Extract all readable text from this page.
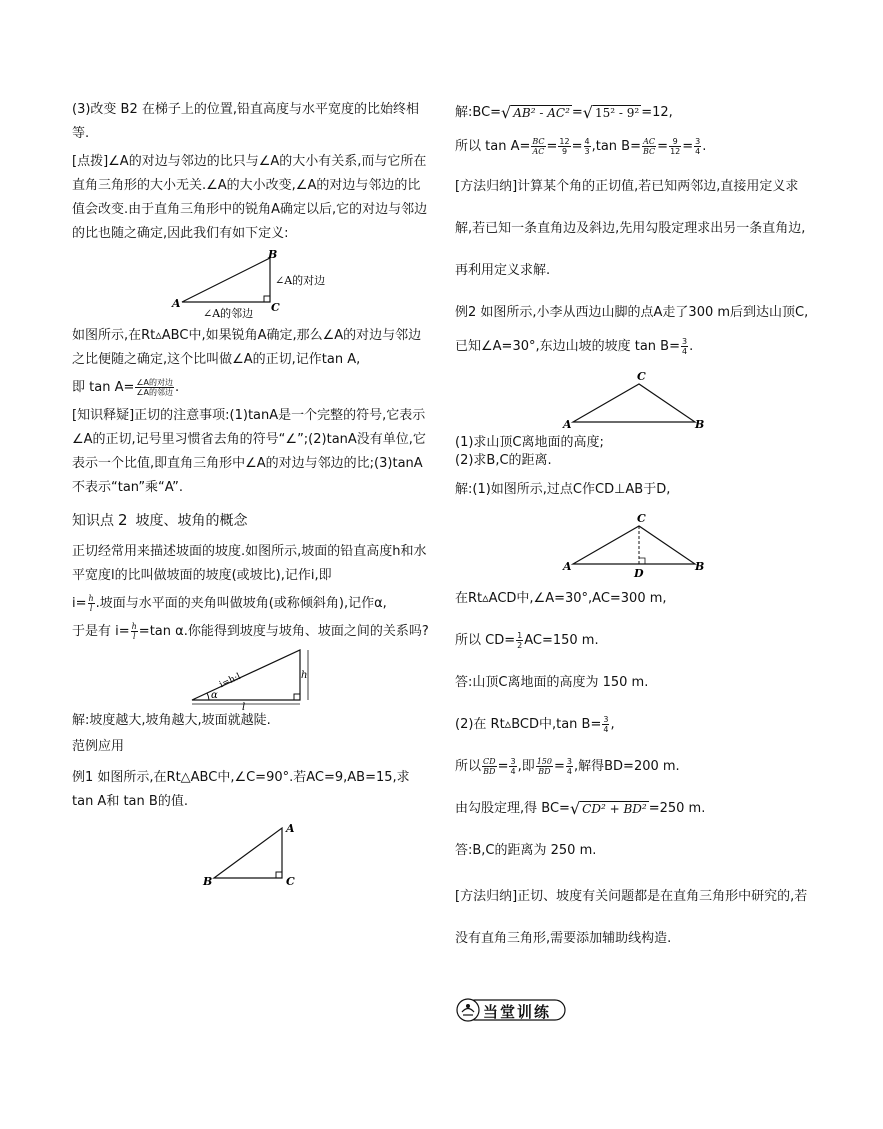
(3)改变 B2 在梯子上的位置,铅直高度与水平宽度的比始终相等.

[点拨]∠A的对边与邻边的比只与∠A的大小有关系,而与它所在直角三角形的大小无关.∠A的大小改变,∠A的对边与邻边的比值会改变.由于直角三角形中的锐角A确定以后,它的对边与邻边的比也随之确定,因此我们有如下定义:

B
A	C
∠A的对边
∠A的邻边

如图所示,在Rt▵ABC中,如果锐角A确定,那么∠A的对边与邻边之比便随之确定,这个比叫做∠A的正切,记作tan A,

即 $\tan A= \frac{\text{∠A的对边}}{\text{∠A的邻边}}$ .

[知识释疑]正切的注意事项:(1)tanA是一个完整的符号,它表示∠A的正切,记号里习惯省去角的符号“∠”;(2)tanA没有单位,它表示一个比值,即直角三角形中∠A的对边与邻边的比;(3)tanA不表示“tan”乘“A”.

知识点 2 坡度、坡角的概念

正切经常用来描述坡面的坡度.如图所示,坡面的铅直高度h和水平宽度l的比叫做坡面的坡度(或坡比),记作i,即

$i= \frac{h}{l}$ .坡面与水平面的夹角叫做坡角(或称倾斜角),记作α,

于是有 $i= \frac{h}{l} =\tan$ α.你能得到坡度与坡角、坡面之间的关系吗?

i=h:l	h
l
α

解:坡度越大,坡角越大,坡面就越陡.

范例应用

例1 如图所示,在Rt△ABC中,∠C=90°.若AC=9,AB=15,求 tan A和 tan B的值.

A
B	C

解:BC= √ AB² - AC² = √ 15² - 9² =12,

所以 $\tan A= \frac{BC}{AC} = \frac{12}{9} = \frac{4}{3} ,\tan$ $B= \frac{AC}{BC} = \frac{9}{12} = \frac{3}{4}$ .

[方法归纳]计算某个角的正切值,若已知两邻边,直接用定义求解,若已知一条直角边及斜边,先用勾股定理求出另一条直角边,再利用定义求解.

例2 如图所示,小李从西边山脚的点A走了300 m后到达山顶C,已知∠A=30°,东边山坡的坡度 $\tan B= \frac{3}{4}$ .

C
A	B

(1)求山顶C离地面的高度;

(2)求B,C的距离.

解:(1)如图所示,过点C作CD⊥AB于D,

C
A	B
D

在Rt▵ACD中,∠A=30°,AC=300 m,

所以 $CD= \frac{1}{2} AC=150$ m.

答:山顶C离地面的高度为 150 m.

(2)在 Rt▵BCD中,tan $B= \frac{3}{4}$ ,

所以 $\frac{CD}{BD} = \frac{3}{4}$ ,即 $\frac{150}{BD} = \frac{3}{4}$ ,解得BD=200 m.

由勾股定理,得 BC= √ CD² + BD² =250 m.

答:B,C的距离为 250 m.

[方法归纳]正切、坡度有关问题都是在直角三角形中研究的,若没有直角三角形,需要添加辅助线构造.

当堂训练
